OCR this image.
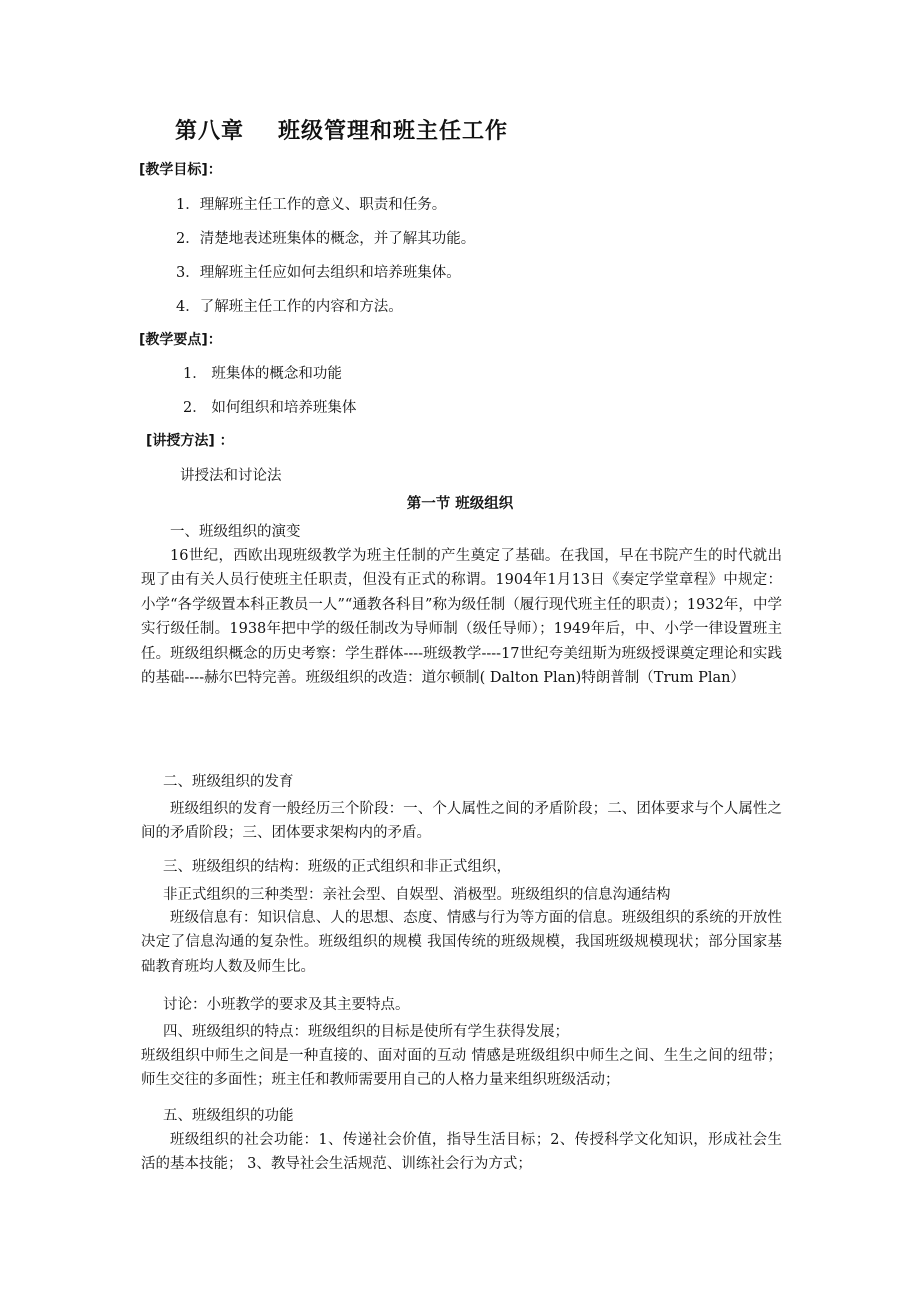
第八章 班级管理和班主任工作
[教学目标]：
1．理解班主任工作的意义、职责和任务。
2．清楚地表述班集体的概念，并了解其功能。
3．理解班主任应如何去组织和培养班集体。
4．了解班主任工作的内容和方法。
[教学要点]：
1． 班集体的概念和功能
2． 如何组织和培养班集体
[讲授方法] ：
讲授法和讨论法
第一节 班级组织
一、班级组织的演变

16世纪，西欧出现班级教学为班主任制的产生奠定了基础。在我国，早在书院产生的时代就出现了由有关人员行使班主任职责，但没有正式的称谓。1904年1月13日《奏定学堂章程》中规定：小学“各学级置本科正教员一人”“通教各科目”称为级任制（履行现代班主任的职责）；1932年，中学实行级任制。1938年把中学的级任制改为导师制（级任导师）；1949年后，中、小学一律设置班主任。班级组织概念的历史考察：学生群体----班级教学----17世纪夸美纽斯为班级授课奠定理论和实践的基础----赫尔巴特完善。班级组织的改造：道尔顿制( Dalton Plan)特朗普制（Trum Plan）

二、班级组织的发育

班级组织的发育一般经历三个阶段：一、个人属性之间的矛盾阶段；二、团体要求与个人属性之间的矛盾阶段；三、团体要求架构内的矛盾。

三、班级组织的结构：班级的正式组织和非正式组织，
非正式组织的三种类型：亲社会型、自娱型、消极型。班级组织的信息沟通结构

班级信息有：知识信息、人的思想、态度、情感与行为等方面的信息。班级组织的系统的开放性决定了信息沟通的复杂性。班级组织的规模 我国传统的班级规模，我国班级规模现状；部分国家基础教育班均人数及师生比。

讨论：小班教学的要求及其主要特点。
四、班级组织的特点：班级组织的目标是使所有学生获得发展；

班级组织中师生之间是一种直接的、面对面的互动 情感是班级组织中师生之间、生生之间的纽带；师生交往的多面性；班主任和教师需要用自己的人格力量来组织班级活动；

五、班级组织的功能

班级组织的社会功能：1、传递社会价值，指导生活目标；2、传授科学文化知识，形成社会生活的基本技能； 3、教导社会生活规范、训练社会行为方式；
